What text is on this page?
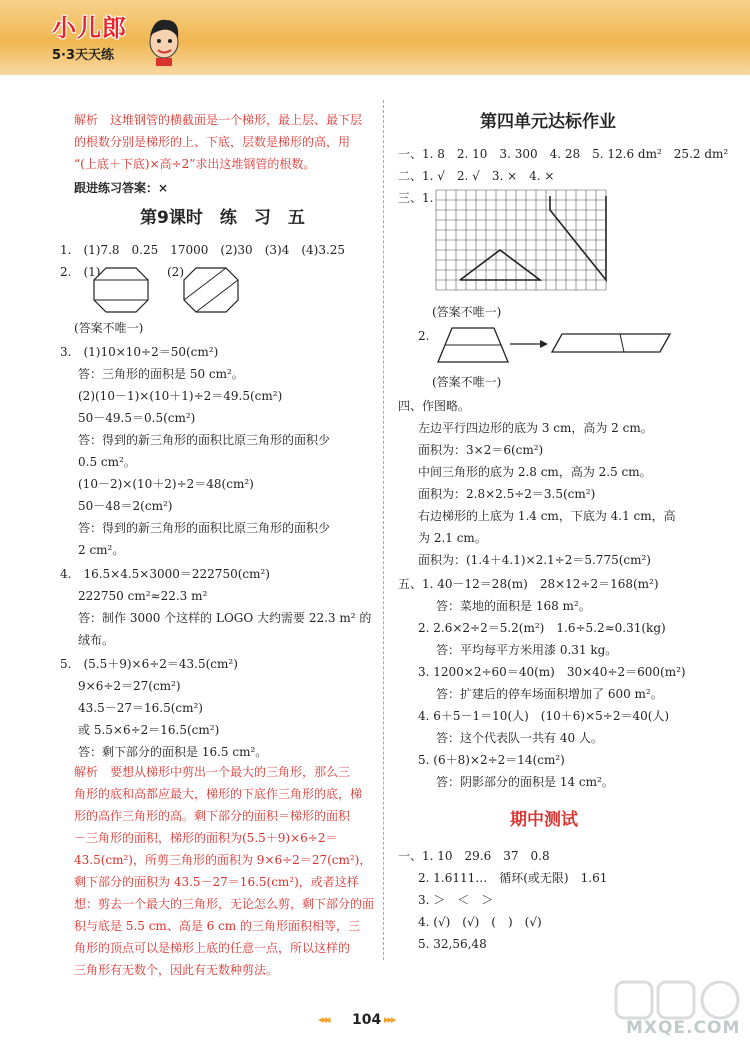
小儿郎
5·3天天练
解析　这堆钢管的横截面是一个梯形，最上层、最下层
的根数分别是梯形的上、下底，层数是梯形的高，用
“(上底＋下底)×高÷2”求出这堆钢管的根数。
跟进练习答案：×
第9课时　练　习　五
1.　(1)7.8　0.25　17000　(2)30　(3)4　(4)3.25
2.　(1)	(2)
(答案不唯一)
3.　(1)10×10÷2＝50(cm²)
答：三角形的面积是 50 cm²。
(2)(10－1)×(10＋1)÷2＝49.5(cm²)
50－49.5＝0.5(cm²)
答：得到的新三角形的面积比原三角形的面积少
0.5 cm²。
(10－2)×(10＋2)÷2＝48(cm²)
50－48＝2(cm²)
答：得到的新三角形的面积比原三角形的面积少
2 cm²。
4.　16.5×4.5×3000＝222750(cm²)
222750 cm²≈22.3 m²
答：制作 3000 个这样的 LOGO 大约需要 22.3 m² 的
绒布。
5.　(5.5＋9)×6÷2＝43.5(cm²)
9×6÷2＝27(cm²)
43.5－27＝16.5(cm²)
或 5.5×6÷2＝16.5(cm²)
答：剩下部分的面积是 16.5 cm²。
解析　要想从梯形中剪出一个最大的三角形，那么三
角形的底和高都应最大，梯形的下底作三角形的底，梯
形的高作三角形的高。剩下部分的面积＝梯形的面积
－三角形的面积，梯形的面积为(5.5＋9)×6÷2＝
43.5(cm²)，所剪三角形的面积为 9×6÷2＝27(cm²)，
剩下部分的面积为 43.5－27＝16.5(cm²)，或者这样
想：剪去一个最大的三角形，无论怎么剪，剩下部分的面
积与底是 5.5 cm、高是 6 cm 的三角形面积相等，三
角形的顶点可以是梯形上底的任意一点，所以这样的
三角形有无数个，因此有无数种剪法。
第四单元达标作业
一、1. 8　2. 10　3. 300　4. 28　5. 12.6 dm²　25.2 dm²
二、1. √　2. √　3. ×　4. ×
三、1.
(答案不唯一)
2.
(答案不唯一)
四、作图略。
左边平行四边形的底为 3 cm，高为 2 cm。
面积为：3×2＝6(cm²)
中间三角形的底为 2.8 cm，高为 2.5 cm。
面积为：2.8×2.5÷2＝3.5(cm²)
右边梯形的上底为 1.4 cm，下底为 4.1 cm，高
为 2.1 cm。
面积为：(1.4＋4.1)×2.1÷2＝5.775(cm²)
五、1. 40－12＝28(m)　28×12÷2＝168(m²)
答：菜地的面积是 168 m²。
2. 2.6×2÷2＝5.2(m²)　1.6÷5.2≈0.31(kg)
答：平均每平方米用漆 0.31 kg。
3. 1200×2÷60＝40(m)　30×40÷2＝600(m²)
答：扩建后的停车场面积增加了 600 m²。
4. 6＋5－1＝10(人)　(10＋6)×5÷2＝40(人)
答：这个代表队一共有 40 人。
5. (6＋8)×2÷2＝14(cm²)
答：阴影部分的面积是 14 cm²。
期中测试
一、1. 10　29.6　37　0.8
2. 1.6111…　循环(或无限)　1.61
3. ＞　＜　＞
4. (√)　(√)　(　)　(√)
5. 32,56,48
◂◂◂ 104 ▸▸▸	MXQE.COM
